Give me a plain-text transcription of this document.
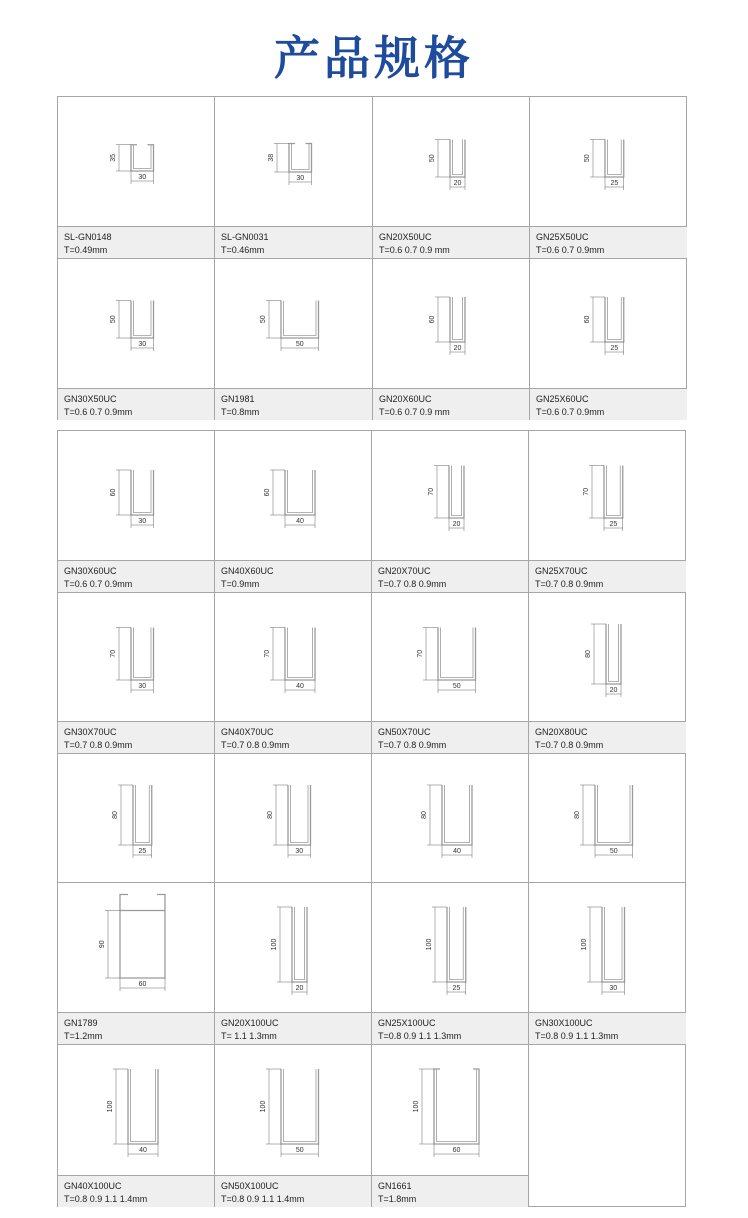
产品规格
35
30
SL-GN0148
T=0.49mm
38
30
SL-GN0031
T=0.46mm
50
20
GN20X50UC
T=0.6 0.7 0.9 mm
50
25
GN25X50UC
T=0.6 0.7 0.9mm
50
30
GN30X50UC
T=0.6 0.7 0.9mm
50
50
GN1981
T=0.8mm
60
20
GN20X60UC
T=0.6 0.7 0.9 mm
60
25
GN25X60UC
T=0.6 0.7 0.9mm
60
30
GN30X60UC
T=0.6 0.7 0.9mm
60
40
GN40X60UC
T=0.9mm
70
20
GN20X70UC
T=0.7 0.8 0.9mm
70
25
GN25X70UC
T=0.7 0.8 0.9mm
70
30
GN30X70UC
T=0.7 0.8 0.9mm
70
40
GN40X70UC
T=0.7 0.8 0.9mm
70
50
GN50X70UC
T=0.7 0.8 0.9mm
80
20
GN20X80UC
T=0.7 0.8 0.9mm
80
25
80
30
80
40
80
50
90
60
GN1789
T=1.2mm
100
20
GN20X100UC
T= 1.1 1.3mm
100
25
GN25X100UC
T=0.8 0.9 1.1 1.3mm
100
30
GN30X100UC
T=0.8 0.9 1.1 1.3mm
100
40
GN40X100UC
T=0.8 0.9 1.1 1.4mm
100
50
GN50X100UC
T=0.8 0.9 1.1 1.4mm
100
60
GN1661
T=1.8mm
